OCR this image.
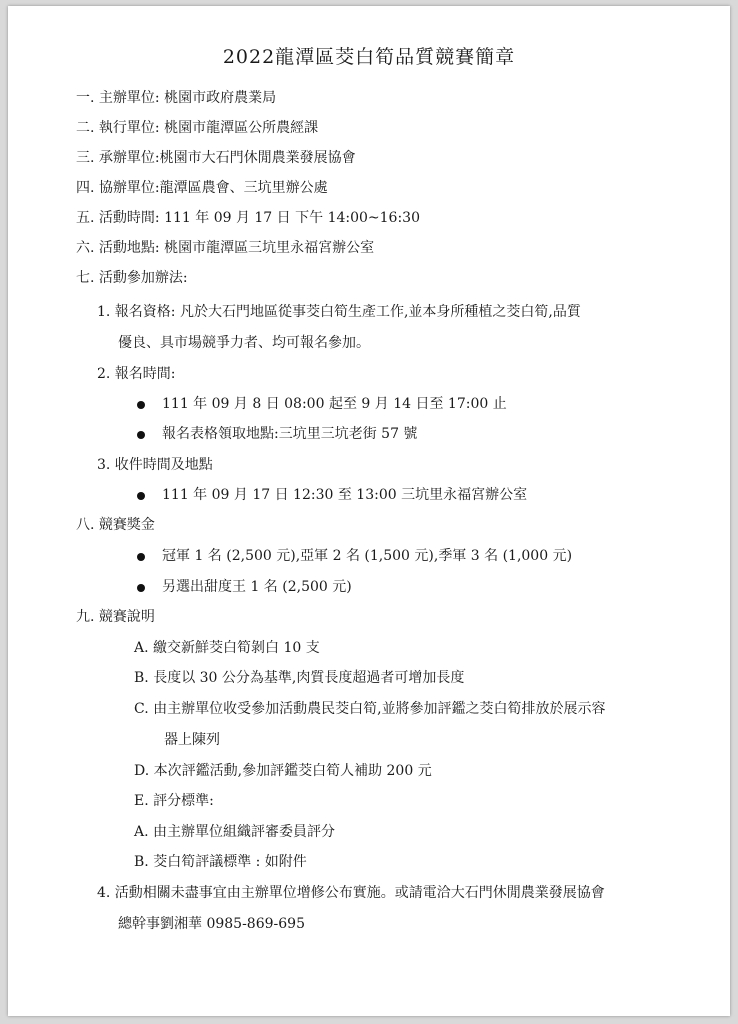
2022龍潭區茭白筍品質競賽簡章
一. 主辦單位: 桃園市政府農業局
二. 執行單位: 桃園市龍潭區公所農經課
三. 承辦單位:桃園市大石門休閒農業發展協會
四. 協辦單位:龍潭區農會、三坑里辦公處
五. 活動時間: 111 年 09 月 17 日 下午 14:00~16:30
六. 活動地點: 桃園市龍潭區三坑里永福宮辦公室
七. 活動參加辦法:
1. 報名資格: 凡於大石門地區從事茭白筍生產工作,並本身所種植之茭白筍,品質
優良、具市場競爭力者、均可報名參加。
2. 報名時間:
111 年 09 月 8 日 08:00 起至 9 月 14 日至 17:00 止
報名表格領取地點:三坑里三坑老街 57 號
3. 收件時間及地點
111 年 09 月 17 日 12:30 至 13:00 三坑里永福宮辦公室
八. 競賽獎金
冠軍 1 名 (2,500 元),亞軍 2 名 (1,500 元),季軍 3 名 (1,000 元)
另選出甜度王 1 名 (2,500 元)
九. 競賽說明
A. 繳交新鮮茭白筍剝白 10 支
B. 長度以 30 公分為基準,肉質長度超過者可增加長度
C. 由主辦單位收受參加活動農民茭白筍,並將參加評鑑之茭白筍排放於展示容
器上陳列
D. 本次評鑑活動,參加評鑑茭白筍人補助 200 元
E. 評分標準:
A. 由主辦單位組織評審委員評分
B. 茭白筍評議標準 : 如附件
4. 活動相關未盡事宜由主辦單位增修公布實施。或請電洽大石門休閒農業發展協會
總幹事劉湘華 0985-869-695
